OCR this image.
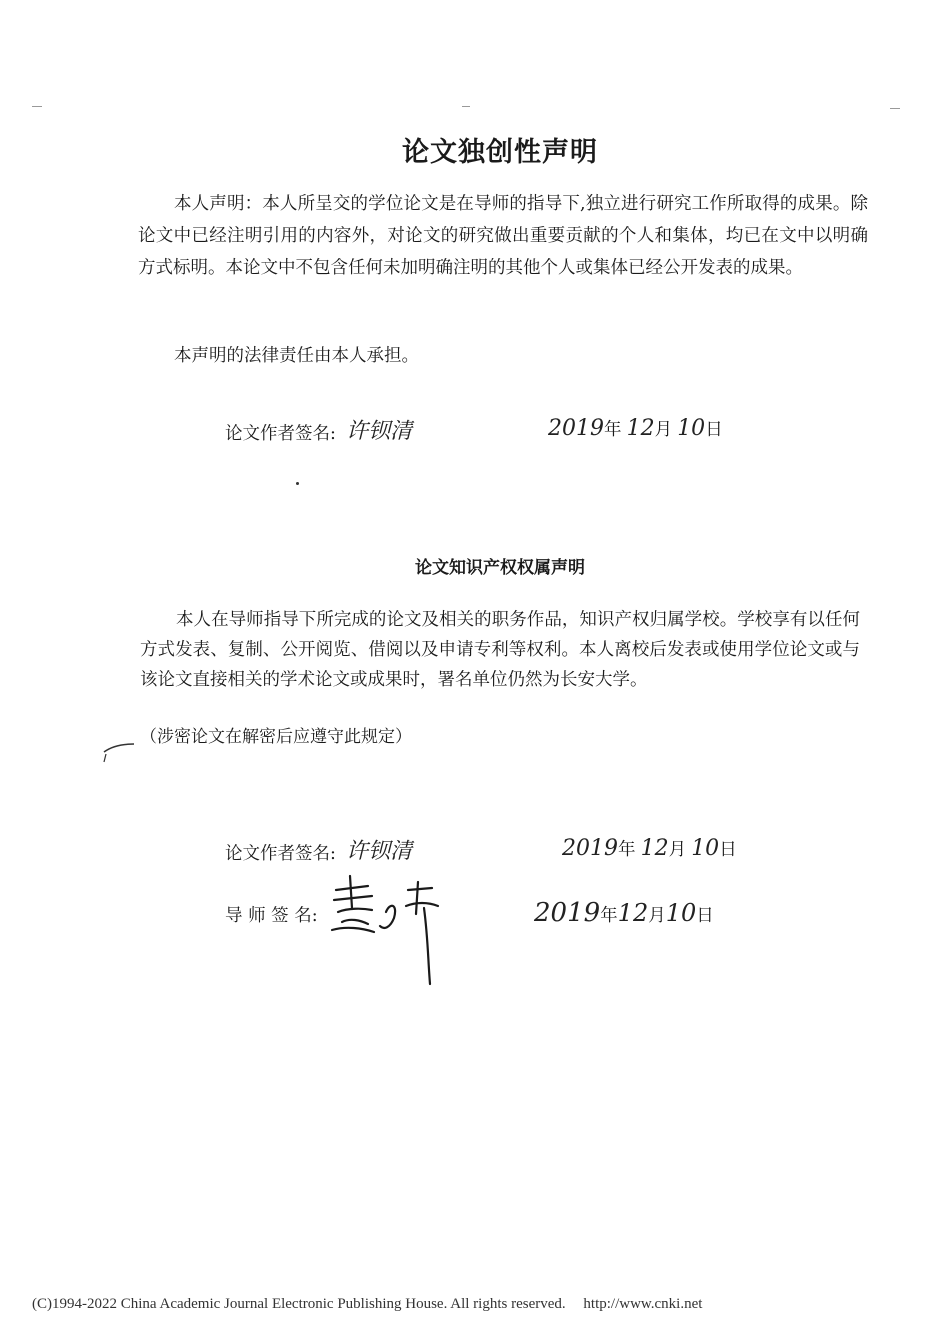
论文独创性声明

本人声明：本人所呈交的学位论文是在导师的指导下,独立进行研究工作所取得的成果。除论文中已经注明引用的内容外，对论文的研究做出重要贡献的个人和集体，均已在文中以明确方式标明。本论文中不包含任何未加明确注明的其他个人或集体已经公开发表的成果。

本声明的法律责任由本人承担。

论文作者签名: 许钡清	2019年 12月 10日
论文知识产权权属声明

本人在导师指导下所完成的论文及相关的职务作品，知识产权归属学校。学校享有以任何方式发表、复制、公开阅览、借阅以及申请专利等权利。本人离校后发表或使用学位论文或与该论文直接相关的学术论文或成果时，署名单位仍然为长安大学。

（涉密论文在解密后应遵守此规定）
论文作者签名: 许钡清	2019年 12月 10日
导 师 签 名:	2019年12月10日
(C)1994-2022 China Academic Journal Electronic Publishing House. All rights reserved. http://www.cnki.net
